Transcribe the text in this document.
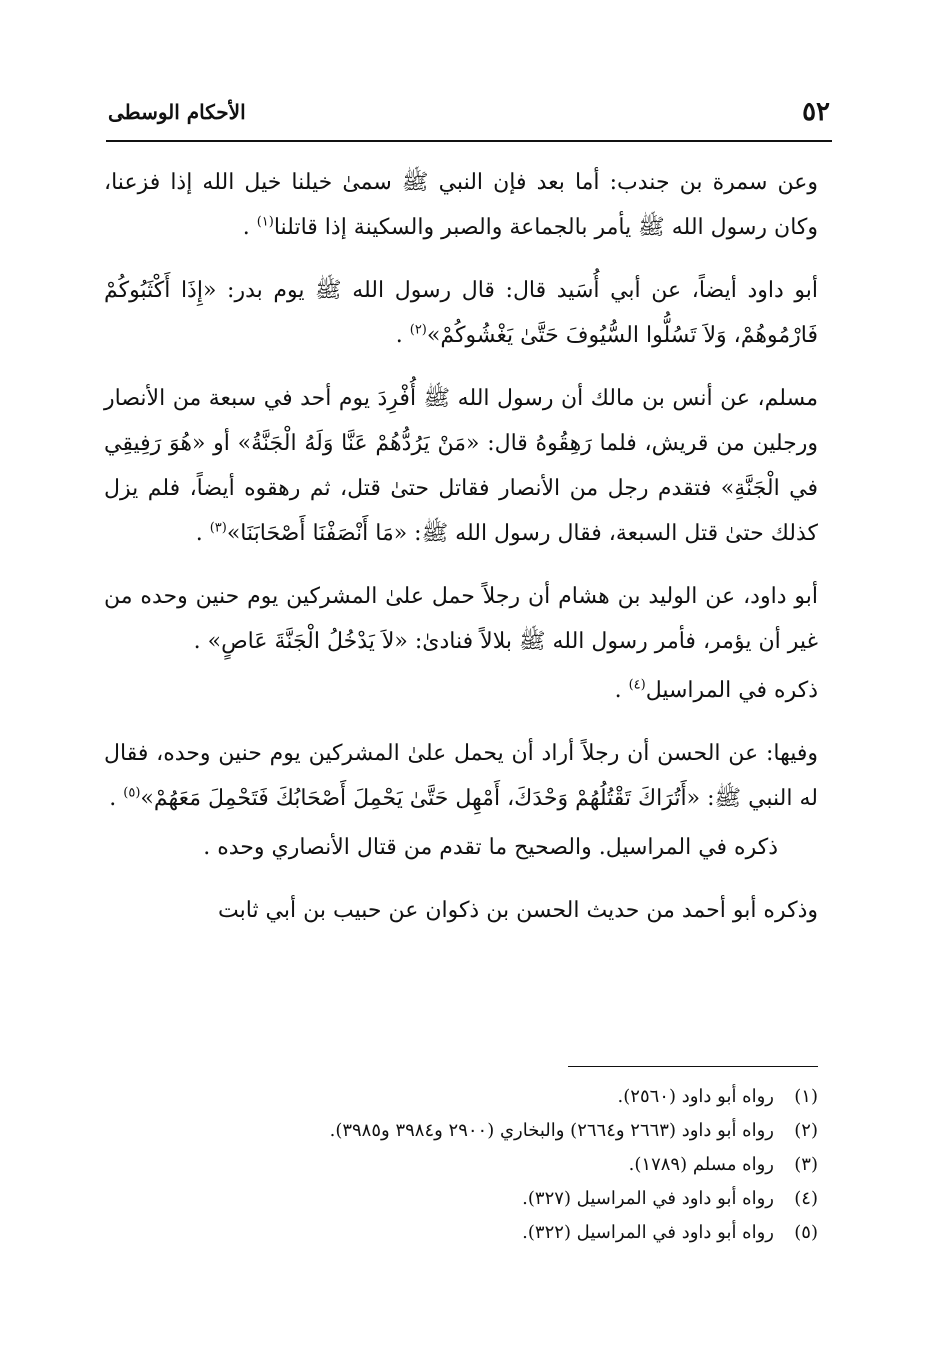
٥٢
الأحكام الوسطى

وعن سمرة بن جندب: أما بعد فإن النبي ﷺ سمىٰ خيلنا خيل الله إذا فزعنا، وكان رسول الله ﷺ يأمر بالجماعة والصبر والسكينة إذا قاتلنا$^{(١)}$ .

أبو داود أيضاً، عن أبي أُسَيد قال: قال رسول الله ﷺ يوم بدر: «إِذَا أَكْثَبُوكُمْ فَارْمُوهُمْ، وَلاَ تَسُلُّوا السُّيُوفَ حَتَّىٰ يَغْشُوكُمْ»$^{(٢)}$ .

مسلم، عن أنس بن مالك أن رسول الله ﷺ أُفْرِدَ يوم أحد في سبعة من الأنصار ورجلين من قريش، فلما رَهِقُوهُ قال: «مَنْ يَرُدُّهُمْ عَنَّا وَلَهُ الْجَنَّةُ» أو «هُوَ رَفِيقِي في الْجَنَّةِ» فتقدم رجل من الأنصار فقاتل حتىٰ قتل، ثم رهقوه أيضاً، فلم يزل كذلك حتىٰ قتل السبعة، فقال رسول الله ﷺ: «مَا أَنْصَفْنَا أَصْحَابَنَا»$^{(٣)}$ .

أبو داود، عن الوليد بن هشام أن رجلاً حمل علىٰ المشركين يوم حنين وحده من غير أن يؤمر، فأمر رسول الله ﷺ بلالاً فنادىٰ: «لاَ يَدْخُلُ الْجَنَّةَ عَاصٍ» .

ذكره في المراسيل$^{(٤)}$ .

وفيها: عن الحسن أن رجلاً أراد أن يحمل علىٰ المشركين يوم حنين وحده، فقال له النبي ﷺ: «أَتُرَاكَ تَقْتُلُهُمْ وَحْدَكَ، أَمْهِل حَتَّىٰ يَحْمِلَ أَصْحَابُكَ فَتَحْمِلَ مَعَهُمْ»$^{(٥)}$ .

ذكره في المراسيل. والصحيح ما تقدم من قتال الأنصاري وحده .

وذكره أبو أحمد من حديث الحسن بن ذكوان عن حبيب بن أبي ثابت

(١)رواه أبو داود (٢٥٦٠).
(٢)رواه أبو داود (٢٦٦٣ و٢٦٦٤) والبخاري (٢٩٠٠ و٣٩٨٤ و٣٩٨٥).
(٣)رواه مسلم (١٧٨٩).
(٤)رواه أبو داود في المراسيل (٣٢٧).
(٥)رواه أبو داود في المراسيل (٣٢٢).
